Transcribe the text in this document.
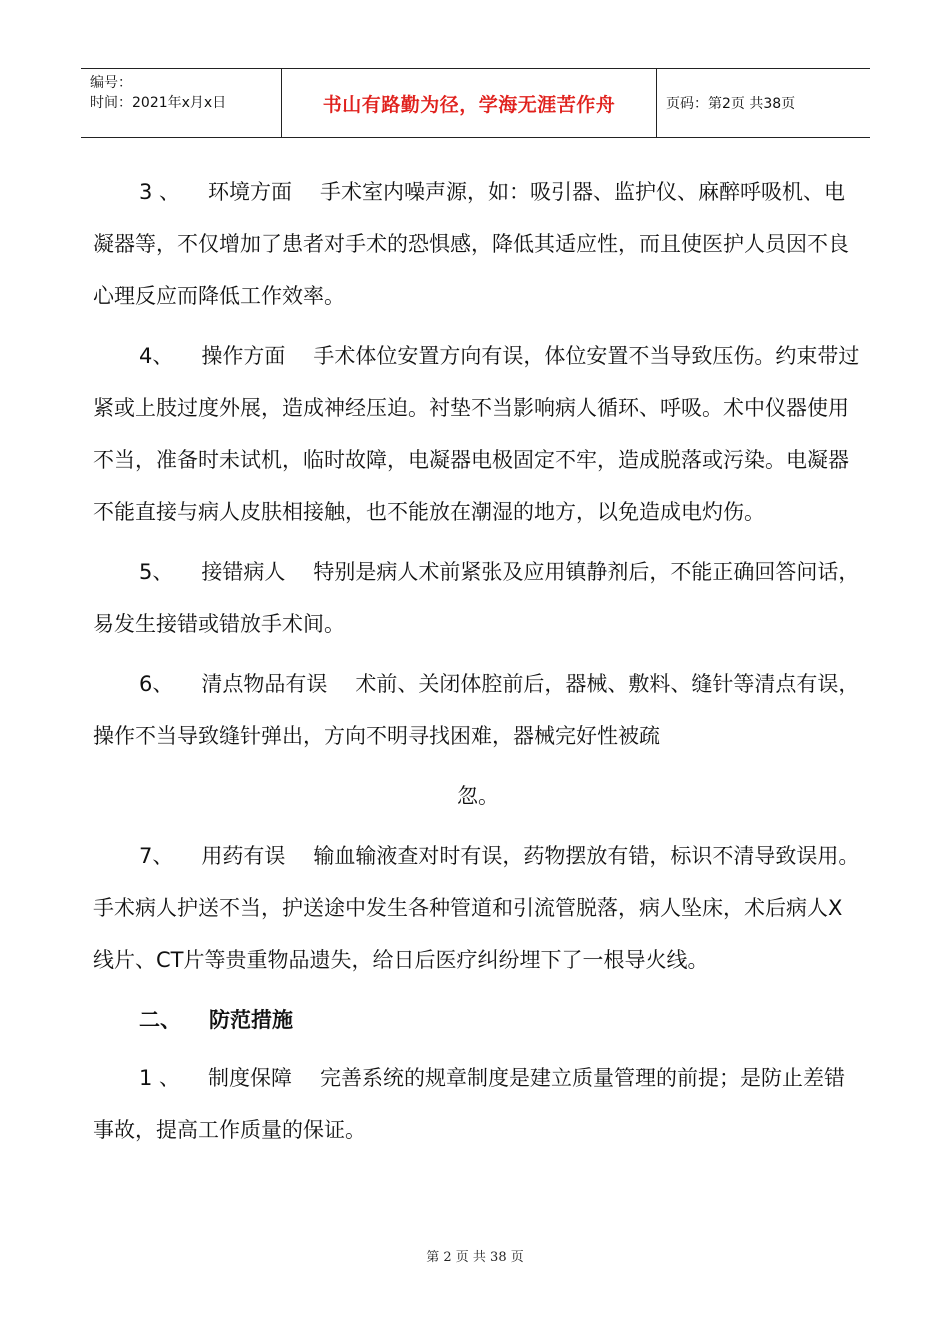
编号：
时间：2021年x月x日	书山有路勤为径，学海无涯苦作舟	页码：第2页 共38页

3 、 环境方面 手术室内噪声源，如：吸引器、监护仪、麻醉呼吸机、电凝器等，不仅增加了患者对手术的恐惧感，降低其适应性，而且使医护人员因不良心理反应而降低工作效率。

4、 操作方面 手术体位安置方向有误，体位安置不当导致压伤。约束带过紧或上肢过度外展，造成神经压迫。衬垫不当影响病人循环、呼吸。术中仪器使用不当，准备时未试机，临时故障，电凝器电极固定不牢，造成脱落或污染。电凝器不能直接与病人皮肤相接触，也不能放在潮湿的地方，以免造成电灼伤。

5、 接错病人 特别是病人术前紧张及应用镇静剂后，不能正确回答问话，易发生接错或错放手术间。

6、 清点物品有误 术前、关闭体腔前后，器械、敷料、缝针等清点有误，操作不当导致缝针弹出，方向不明寻找困难，器械完好性被疏

忽。

7、 用药有误 输血输液查对时有误，药物摆放有错，标识不清导致误用。手术病人护送不当，护送途中发生各种管道和引流管脱落，病人坠床，术后病人X线片、CT片等贵重物品遗失，给日后医疗纠纷埋下了一根导火线。

二、 防范措施

1 、 制度保障 完善系统的规章制度是建立质量管理的前提；是防止差错事故，提高工作质量的保证。

第 2 页 共 38 页
